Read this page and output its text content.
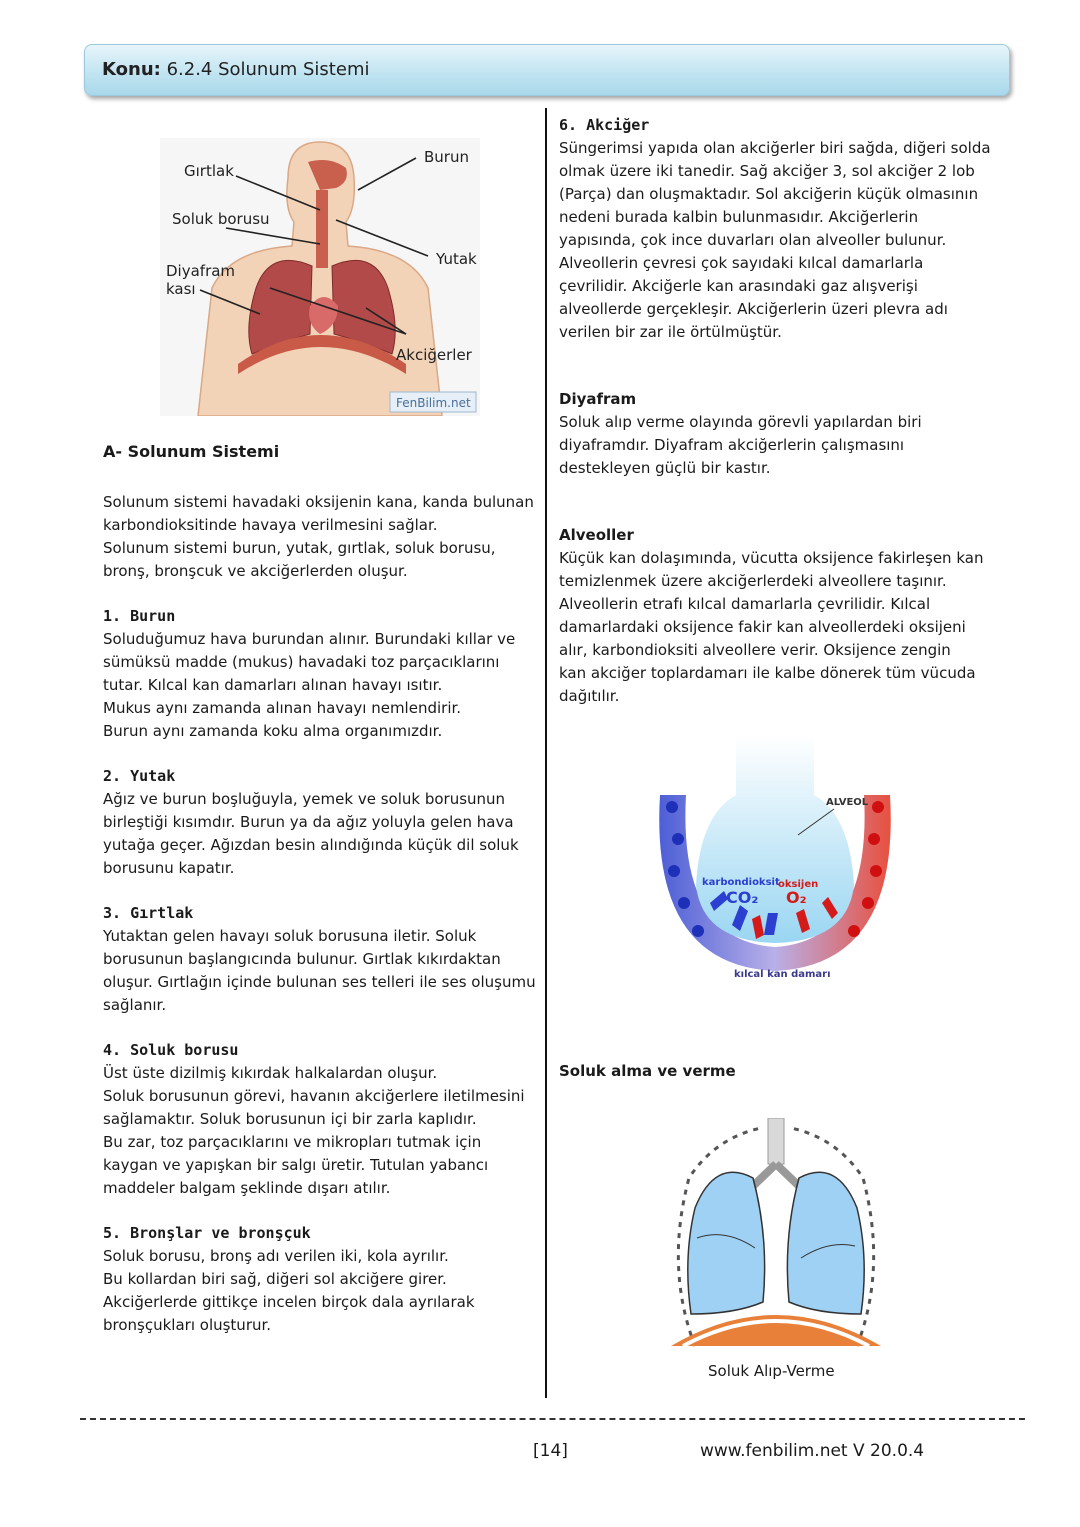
Konu: 6.2.4 Solunum Sistemi
Gırtlak
Burun
Soluk borusu
Yutak
Diyafram
kası
Akciğerler
FenBilim.net

A- Solunum Sistemi

Solunum sistemi havadaki oksijenin kana, kanda bulunan
karbondioksitinde havaya verilmesini sağlar.
Solunum sistemi burun, yutak, gırtlak, soluk borusu,
bronş, bronşcuk ve akciğerlerden oluşur.

1. Burun

Soluduğumuz hava burundan alınır. Burundaki kıllar ve
sümüksü madde (mukus) havadaki toz parçacıklarını
tutar. Kılcal kan damarları alınan havayı ısıtır.
Mukus aynı zamanda alınan havayı nemlendirir.
Burun aynı zamanda koku alma organımızdır.

2. Yutak

Ağız ve burun boşluğuyla, yemek ve soluk borusunun
birleştiği kısımdır. Burun ya da ağız yoluyla gelen hava
yutağa geçer. Ağızdan besin alındığında küçük dil soluk
borusunu kapatır.

3. Gırtlak

Yutaktan gelen havayı soluk borusuna iletir. Soluk
borusunun başlangıcında bulunur. Gırtlak kıkırdaktan
oluşur. Gırtlağın içinde bulunan ses telleri ile ses oluşumu
sağlanır.

4. Soluk borusu

Üst üste dizilmiş kıkırdak halkalardan oluşur.
Soluk borusunun görevi, havanın akciğerlere iletilmesini
sağlamaktır. Soluk borusunun içi bir zarla kaplıdır.
Bu zar, toz parçacıklarını ve mikropları tutmak için
kaygan ve yapışkan bir salgı üretir. Tutulan yabancı
maddeler balgam şeklinde dışarı atılır.

5. Bronşlar ve bronşçuk

Soluk borusu, bronş adı verilen iki, kola ayrılır.
Bu kollardan biri sağ, diğeri sol akciğere girer.
Akciğerlerde gittikçe incelen birçok dala ayrılarak
bronşçukları oluşturur.

6. Akciğer

Süngerimsi yapıda olan akciğerler biri sağda, diğeri solda
olmak üzere iki tanedir. Sağ akciğer 3, sol akciğer 2 lob
(Parça) dan oluşmaktadır. Sol akciğerin küçük olmasının
nedeni burada kalbin bulunmasıdır. Akciğerlerin
yapısında, çok ince duvarları olan alveoller bulunur.
Alveollerin çevresi çok sayıdaki kılcal damarlarla
çevrilidir. Akciğerle kan arasındaki gaz alışverişi
alveollerde gerçekleşir. Akciğerlerin üzeri plevra adı
verilen bir zar ile örtülmüştür.

Diyafram

Soluk alıp verme olayında görevli yapılardan biri
diyaframdır. Diyafram akciğerlerin çalışmasını
destekleyen güçlü bir kastır.

Alveoller

Küçük kan dolaşımında, vücutta oksijence fakirleşen kan
temizlenmek üzere akciğerlerdeki alveollere taşınır.
Alveollerin etrafı kılcal damarlarla çevrilidir. Kılcal
damarlardaki oksijence fakir kan alveollerdeki oksijeni
alır, karbondioksiti alveollere verir. Oksijence zengin
kan akciğer toplardamarı ile kalbe dönerek tüm vücuda
dağıtılır.

ALVEOL
karbondioksit
CO₂
oksijen
O₂
kılcal kan damarı

Soluk alma ve verme

Soluk Alıp-Verme
[14]	www.fenbilim.net V 20.0.4
